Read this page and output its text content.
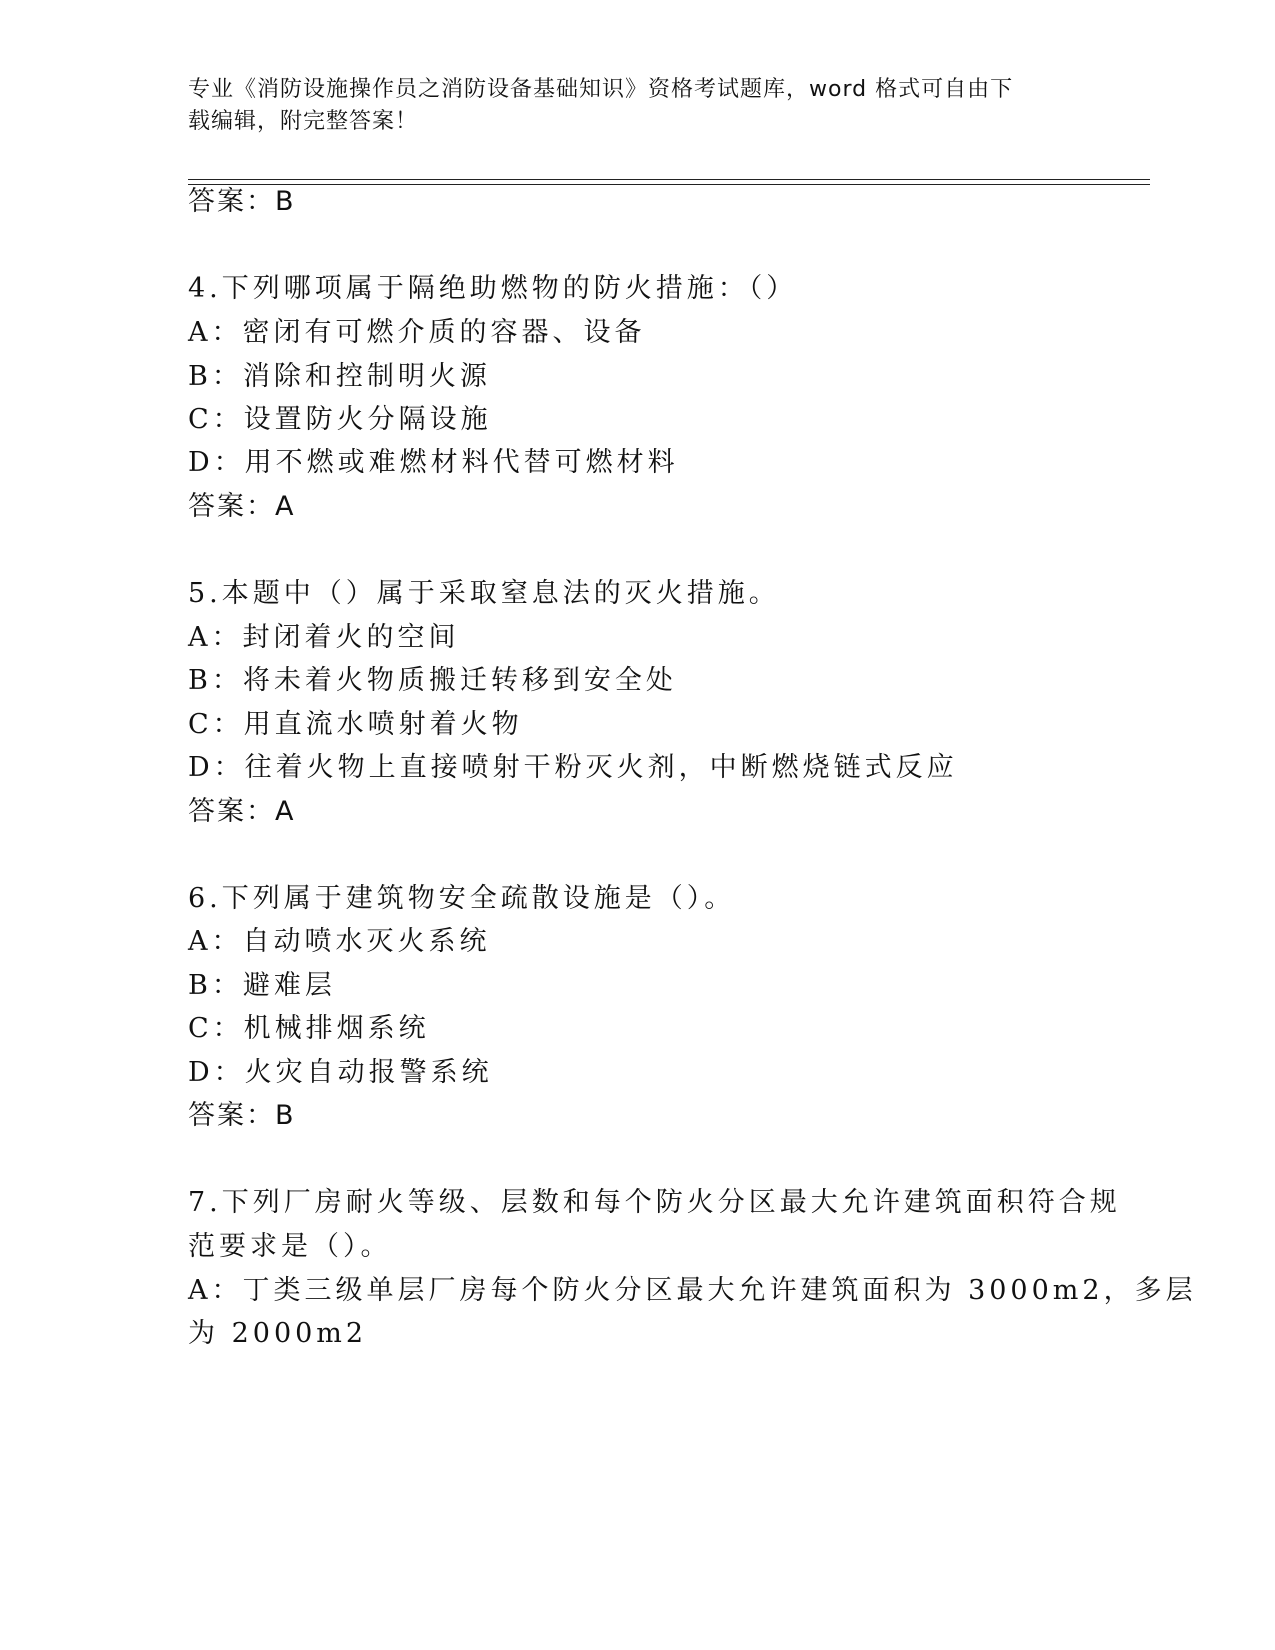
专业《消防设施操作员之消防设备基础知识》资格考试题库，word 格式可自由下
载编辑，附完整答案！
答案：B
4.下列哪项属于隔绝助燃物的防火措施：（）
A：密闭有可燃介质的容器、设备
B：消除和控制明火源
C：设置防火分隔设施
D：用不燃或难燃材料代替可燃材料
答案：A
5.本题中（）属于采取窒息法的灭火措施。
A：封闭着火的空间
B：将未着火物质搬迁转移到安全处
C：用直流水喷射着火物
D：往着火物上直接喷射干粉灭火剂，中断燃烧链式反应
答案：A
6.下列属于建筑物安全疏散设施是（）。
A：自动喷水灭火系统
B：避难层
C：机械排烟系统
D：火灾自动报警系统
答案：B
7.下列厂房耐火等级、层数和每个防火分区最大允许建筑面积符合规
范要求是（）。
A：丁类三级单层厂房每个防火分区最大允许建筑面积为 3000m2，多层
为 2000m2
